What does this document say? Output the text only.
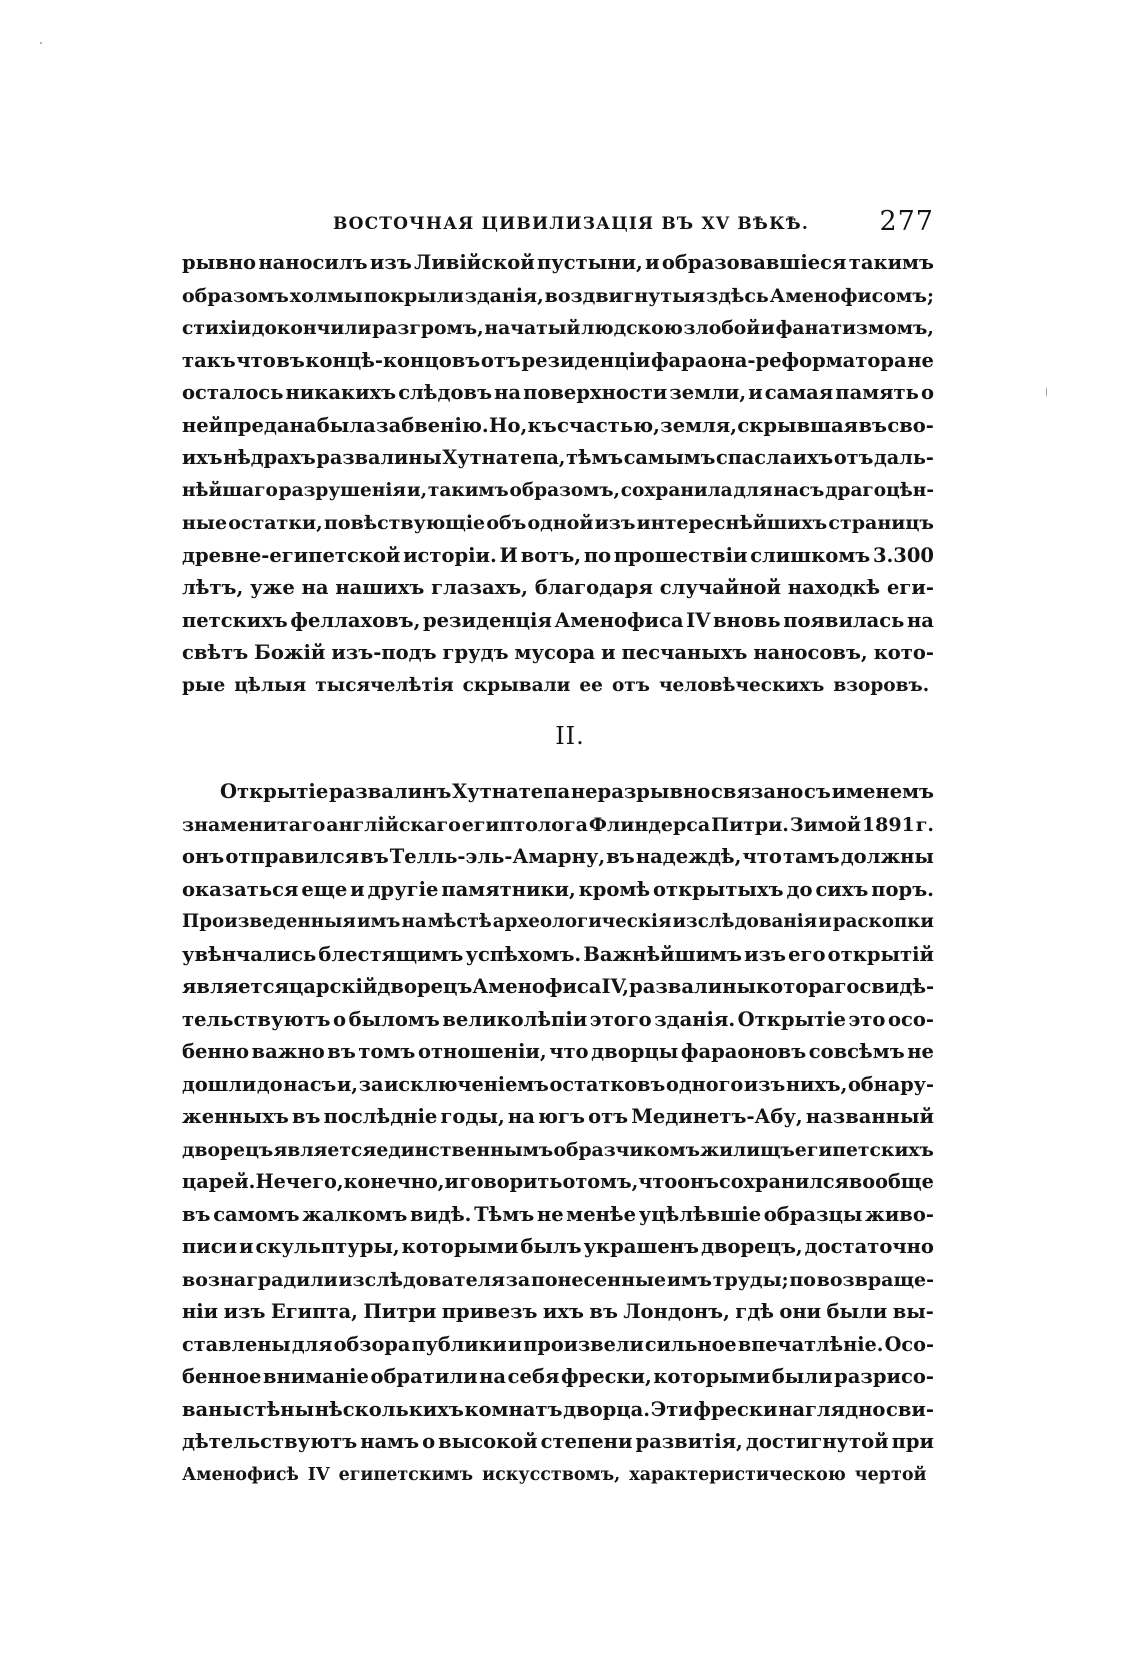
ВОСТОЧНАЯ ЦИВИЛИЗАЦІЯ ВЪ XV ВѢКѢ.	277
рывно наносилъ изъ Ливійской пустыни, и образовавшіеся такимъ
образомъ холмы покрыли зданія, воздвигнутыя здѣсь Аменофисомъ;
стихіи докончили разгромъ, начатый людскою злобой и фанатизмомъ,
такъ что въ концѣ-концовъ отъ резиденціи фараона-реформатора не
осталось никакихъ слѣдовъ на поверхности земли, и самая память о
ней предана была забвенію. Но, къ счастью, земля, скрывшая въ сво-
ихъ нѣдрахъ развалины Хутнатепа, тѣмъ самымъ спасла ихъ отъ даль-
нѣйшаго разрушенія и, такимъ образомъ, сохранила для насъ драгоцѣн-
ные остатки, повѣствующіе объ одной изъ интереснѣйшихъ страницъ
древне-египетской исторіи. И вотъ, по прошествіи слишкомъ 3.300
лѣтъ, уже на нашихъ глазахъ, благодаря случайной находкѣ еги-
петскихъ феллаховъ, резиденція Аменофиса IV вновь появилась на
свѣтъ Божій изъ-подъ грудъ мусора и песчаныхъ наносовъ, кото-
рые цѣлыя тысячелѣтія скрывали ее отъ человѣческихъ взоровъ.
II.
Открытіе развалинъ Хутнатепа неразрывно связано съ именемъ
знаменитаго англійскаго египтолога Флиндерса Питри. Зимой 1891 г.
онъ отправился въ Телль-эль-Амарну, въ надеждѣ, что тамъ должны
оказаться еще и другіе памятники, кромѣ открытыхъ до сихъ поръ.
Произведенныя имъ на мѣстѣ археологическія изслѣдованія и раскопки
увѣнчались блестящимъ успѣхомъ. Важнѣйшимъ изъ его открытій
является царскій дворецъ Аменофиса IV, развалины котораго свидѣ-
тельствуютъ о быломъ великолѣпіи этого зданія. Открытіе это осо-
бенно важно въ томъ отношеніи, что дворцы фараоновъ совсѣмъ не
дошли до насъ и, за исключеніемъ остатковъ одного изъ нихъ, обнару-
женныхъ въ послѣдніе годы, на югъ отъ Мединетъ-Абу, названный
дворецъ является единственнымъ образчикомъ жилищъ египетскихъ
царей. Нечего, конечно, и говорить о томъ, что онъ сохранился вообще
въ самомъ жалкомъ видѣ. Тѣмъ не менѣе уцѣлѣвшіе образцы живо-
писи и скульптуры, которыми былъ украшенъ дворецъ, достаточно
вознаградили изслѣдователя за понесенные имъ труды; по возвраще-
ніи изъ Египта, Питри привезъ ихъ въ Лондонъ, гдѣ они были вы-
ставлены для обзора публики и произвели сильное впечатлѣніе. Осо-
бенное вниманіе обратили на себя фрески, которыми были разрисо-
ваны стѣны нѣсколькихъ комнатъ дворца. Эти фрески наглядно сви-
дѣтельствуютъ намъ о высокой степени развитія, достигнутой при
Аменофисѣ IV египетскимъ искусствомъ, характеристическою чертой
